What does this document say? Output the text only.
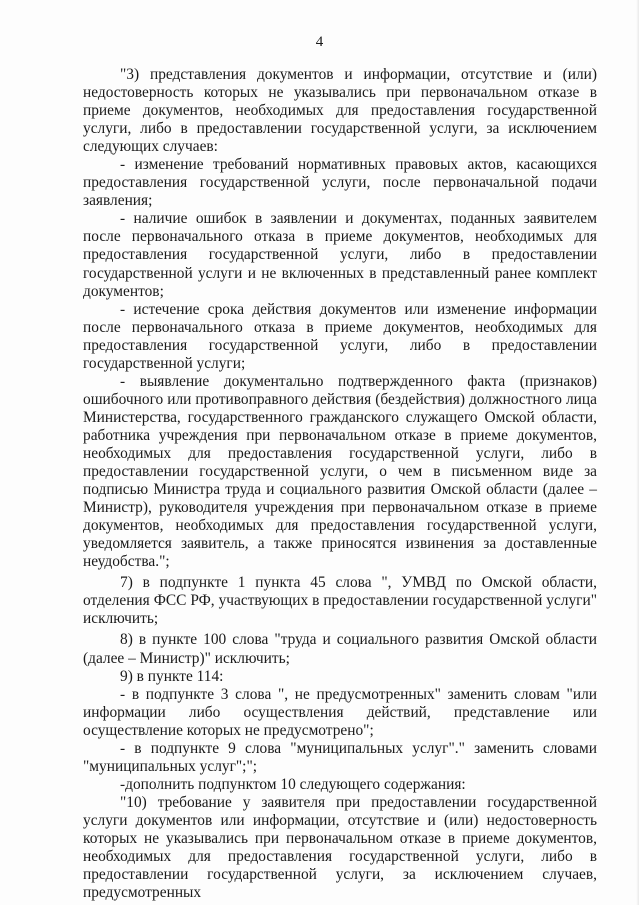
4

"3) представления документов и информации, отсутствие и (или) недостоверность которых не указывались при первоначальном отказе в приеме документов, необходимых для предоставления государственной услуги, либо в предоставлении государственной услуги, за исключением следующих случаев:

- изменение требований нормативных правовых актов, касающихся предоставления государственной услуги, после первоначальной подачи заявления;

- наличие ошибок в заявлении и документах, поданных заявителем после первоначального отказа в приеме документов, необходимых для предоставления государственной услуги, либо в предоставлении государственной услуги и не включенных в представленный ранее комплект документов;

- истечение срока действия документов или изменение информации после первоначального отказа в приеме документов, необходимых для предоставления государственной услуги, либо в предоставлении государственной услуги;

- выявление документально подтвержденного факта (признаков) ошибочного или противоправного действия (бездействия) должностного лица Министерства, государственного гражданского служащего Омской области, работника учреждения при первоначальном отказе в приеме документов, необходимых для предоставления государственной услуги, либо в предоставлении государственной услуги, о чем в письменном виде за подписью Министра труда и социального развития Омской области (далее – Министр), руководителя учреждения при первоначальном отказе в приеме документов, необходимых для предоставления государственной услуги, уведомляется заявитель, а также приносятся извинения за доставленные неудобства.";

7) в подпункте 1 пункта 45 слова ", УМВД по Омской области, отделения ФСС РФ, участвующих в предоставлении государственной услуги" исключить;

8) в пункте 100 слова "труда и социального развития Омской области (далее – Министр)" исключить;

9) в пункте 114:

- в подпункте 3 слова ", не предусмотренных" заменить словам "или информации либо осуществления действий, представление или осуществление которых не предусмотрено";

- в подпункте 9 слова "муниципальных услуг"." заменить словами "муниципальных услуг";";

-дополнить подпунктом 10 следующего содержания:

"10) требование у заявителя при предоставлении государственной услуги документов или информации, отсутствие и (или) недостоверность которых не указывались при первоначальном отказе в приеме документов, необходимых для предоставления государственной услуги, либо в предоставлении государственной услуги, за исключением случаев, предусмотренных
